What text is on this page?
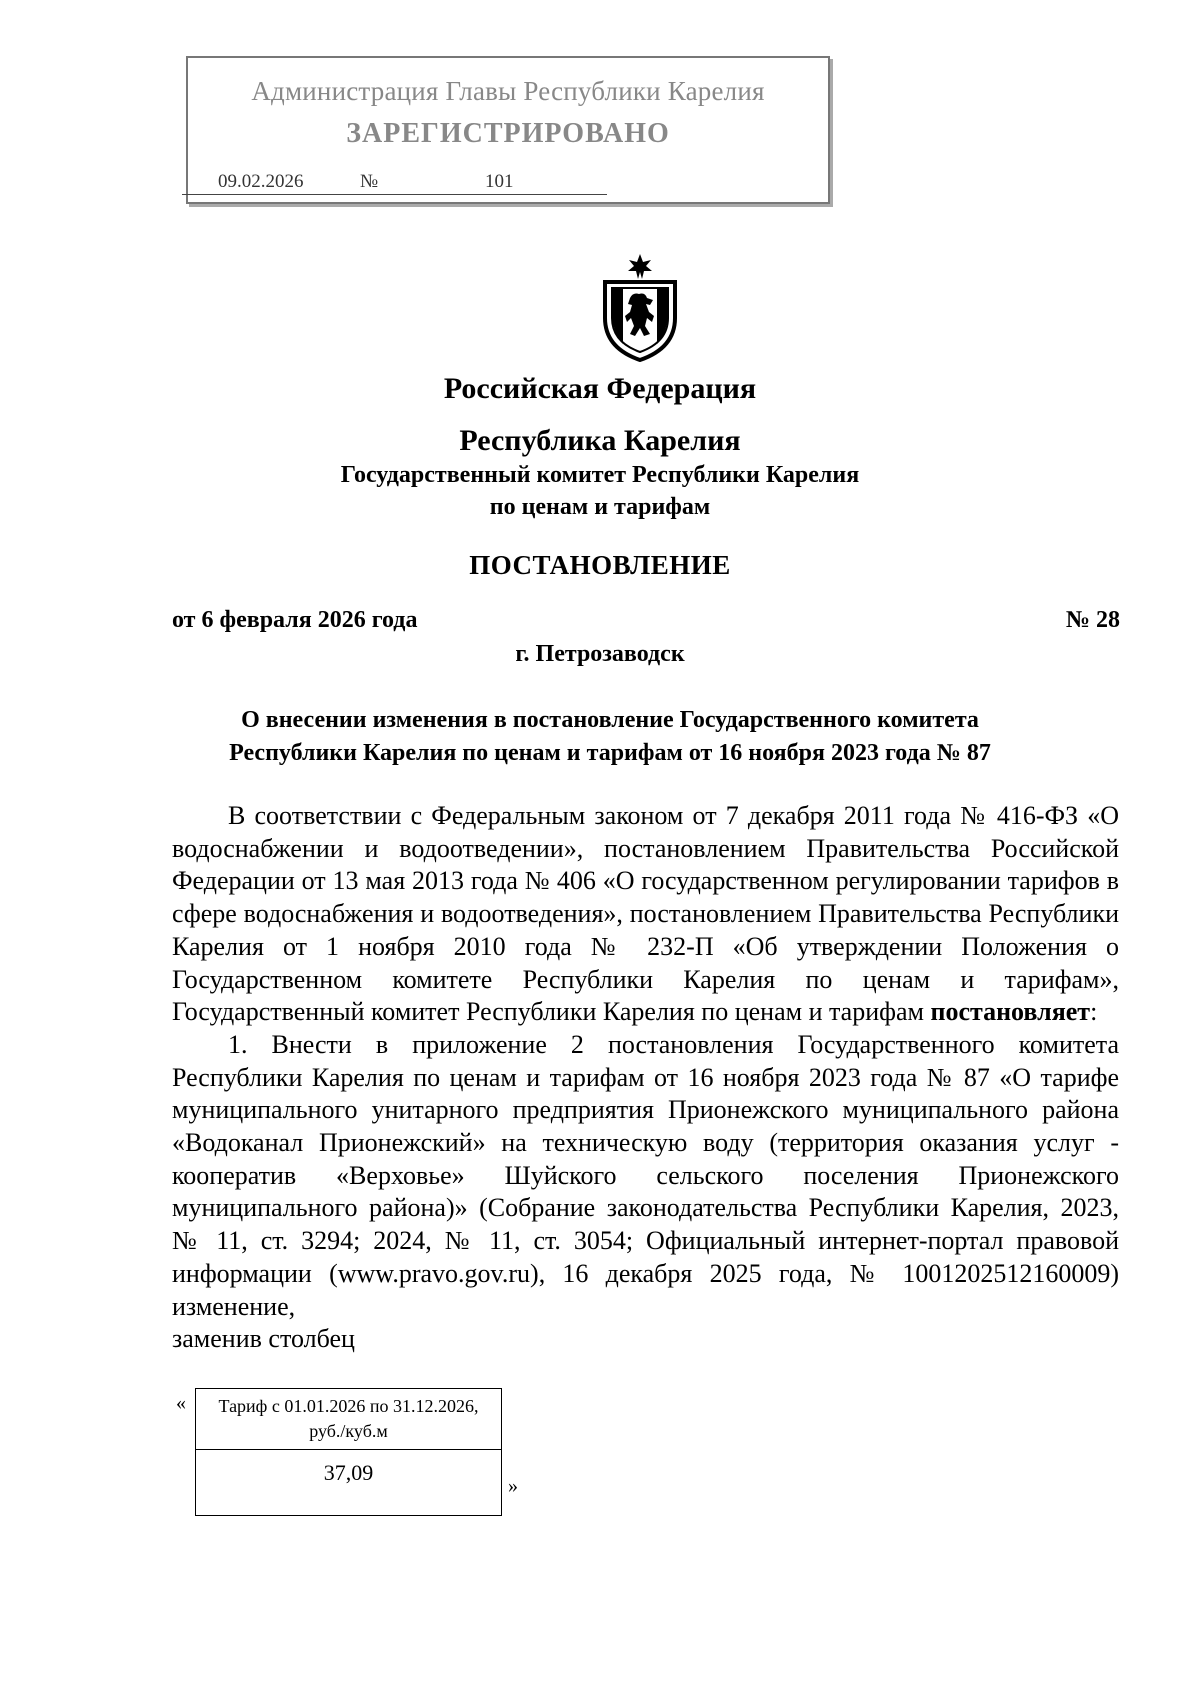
Администрация Главы Республики Карелия
ЗАРЕГИСТРИРОВАНО
09.02.2026	№	101
Российская Федерация
Республика Карелия
Государственный комитет Республики Карелия
по ценам и тарифам
ПОСТАНОВЛЕНИЕ
от 6 февраля 2026 года	№ 28
г. Петрозаводск
О внесении изменения в постановление Государственного комитета
Республики Карелия по ценам и тарифам от 16 ноября 2023 года № 87

В соответствии с Федеральным законом от 7 декабря 2011 года № 416-ФЗ «О водоснабжении и водоотведении», постановлением Правительства Российской Федерации от 13 мая 2013 года № 406 «О государственном регулировании тарифов в сфере водоснабжения и водоотведения», постановлением Правительства Республики Карелия от 1 ноября 2010 года № 232-П «Об утверждении Положения о Государственном комитете Республики Карелия по ценам и тарифам», Государственный комитет Республики Карелия по ценам и тарифам постановляет:

1. Внести в приложение 2 постановления Государственного комитета Республики Карелия по ценам и тарифам от 16 ноября 2023 года № 87 «О тарифе муниципального унитарного предприятия Прионежского муниципального района «Водоканал Прионежский» на техническую воду (территория оказания услуг - кооператив «Верховье» Шуйского сельского поселения Прионежского муниципального района)» (Собрание законодательства Республики Карелия, 2023, № 11, ст. 3294; 2024, № 11, ст. 3054; Официальный интернет-портал правовой информации (www.pravo.gov.ru), 16 декабря 2025 года, № 1001202512160009) изменение,

заменив столбец
«	Тариф с 01.01.2026 по 31.12.2026,
руб./куб.м

37,09
»
